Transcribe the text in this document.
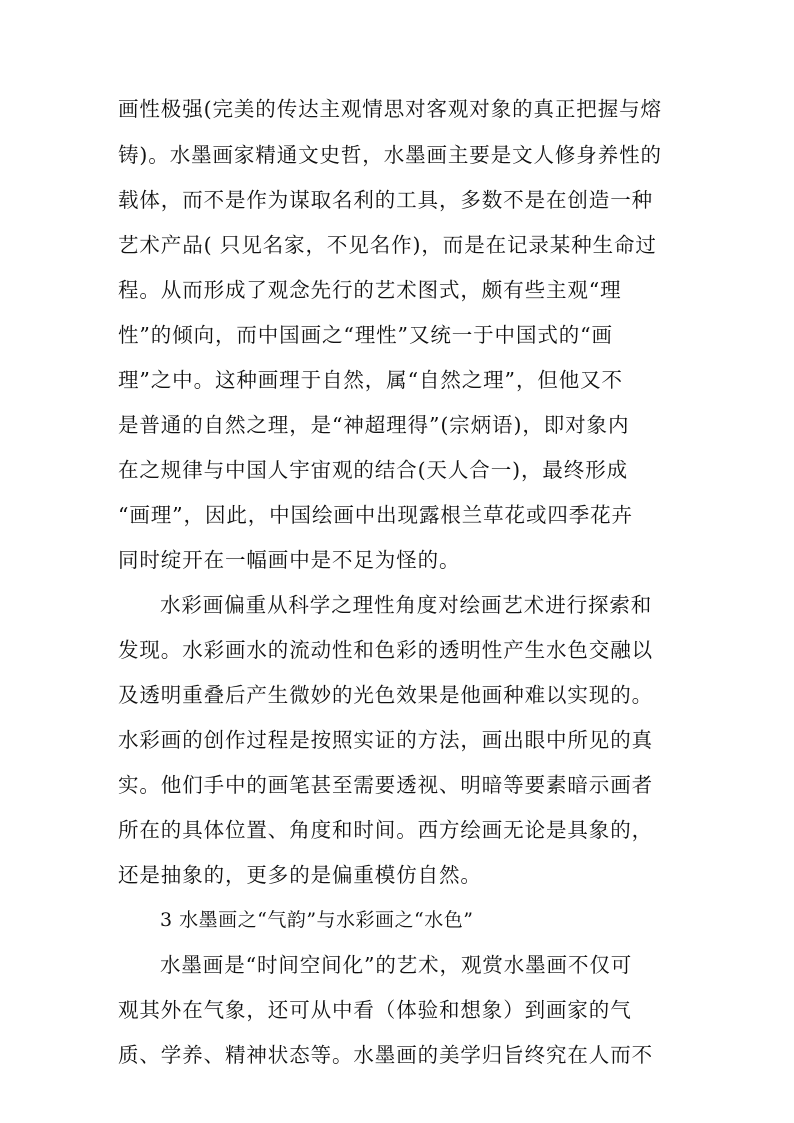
画性极强(完美的传达主观情思对客观对象的真正把握与熔
铸)。水墨画家精通文史哲，水墨画主要是文人修身养性的
载体，而不是作为谋取名利的工具，多数不是在创造一种
艺术产品( 只见名家，不见名作)，而是在记录某种生命过
程。从而形成了观念先行的艺术图式，颇有些主观“理
性”的倾向，而中国画之“理性”又统一于中国式的“画
理”之中。这种画理于自然，属“自然之理”，但他又不
是普通的自然之理，是“神超理得”(宗炳语)，即对象内
在之规律与中国人宇宙观的结合(天人合一)，最终形成
“画理”，因此，中国绘画中出现露根兰草花或四季花卉
同时绽开在一幅画中是不足为怪的。
水彩画偏重从科学之理性角度对绘画艺术进行探索和
发现。水彩画水的流动性和色彩的透明性产生水色交融以
及透明重叠后产生微妙的光色效果是他画种难以实现的。
水彩画的创作过程是按照实证的方法，画出眼中所见的真
实。他们手中的画笔甚至需要透视、明暗等要素暗示画者
所在的具体位置、角度和时间。西方绘画无论是具象的，
还是抽象的，更多的是偏重模仿自然。
3 水墨画之“气韵”与水彩画之“水色”
水墨画是“时间空间化”的艺术，观赏水墨画不仅可
观其外在气象，还可从中看（体验和想象）到画家的气
质、学养、精神状态等。水墨画的美学归旨终究在人而不
